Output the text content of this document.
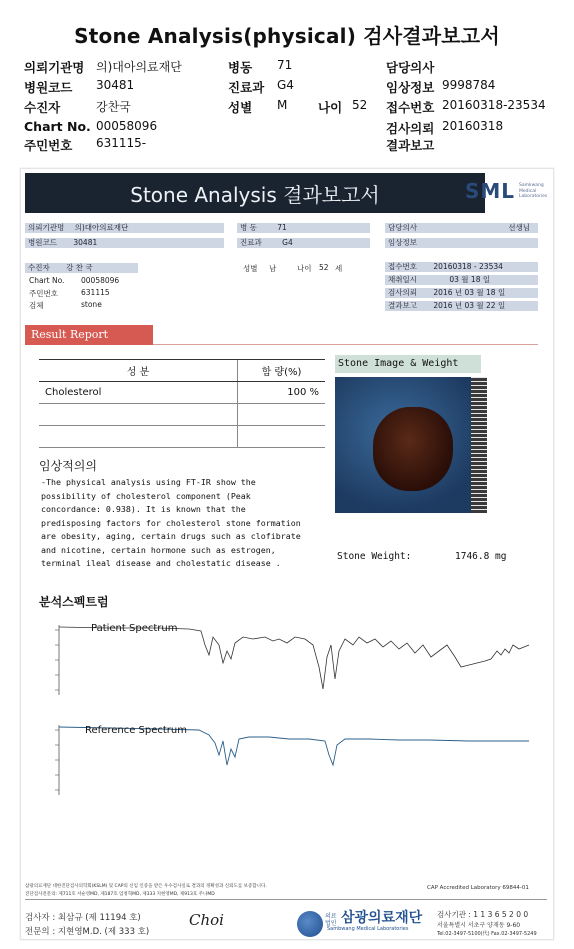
Stone Analysis(physical) 검사결과보고서
의뢰기관명 의)대아의료재단	병동 71	담당의사
병원코드 30481	진료과 G4	임상정보 9998784
수진자	강찬국	성별 M 나이 52 접수번호 20160318-23534
Chart No. 00058096	검사의뢰 20160318
주민번호 631115-	결과보고
Stone Analysis 결과보고서	SML Samkwang Medical Laboratories
의뢰기관명 의)대아의료재단
병원코드 30481
병 동	71
진료과	G4
담당의사	선생님
임상정보
수진자 강 찬 국
Chart No. 00058096
주민번호	631115
검체	stone
성별 남	나이 52 세	접수번호 20160318 - 23534
채취일시	03 월 18 일
검사의뢰 2016 년 03 월 18 일
결과보고 2016 년 03 월 22 일
Result Report
성 분	함 량(%)
Cholesterol	100 %

Stone Image & Weight
Stone Weight:	1746.8 mg
임상적의의
-The physical analysis using FT-IR show the
possibility of cholesterol component (Peak
concordance: 0.938). It is known that the
predisposing factors for cholesterol stone formation
are obesity, aging, certain drugs such as clofibrate
and nicotine, certain hormone such as estrogen,
terminal ileal disease and cholestatic disease .
분석스펙트럼
Patient Spectrum
Reference Spectrum
삼광의료재단 대한진단검사의학회(KSLM) 및 CAP의 신임 인증을 받은 우수검사실로 결과의 정확성과 신뢰도를 보증합니다.
진단검사전문의: 제711호 서순영MD, 제187호 엄정혁MD, 제333 지현영MD, 제913호 주나MD
CAP Accredited Laboratory 69844-01
검사자 : 최삼규 (제 11194 호)
전문의 : 지현영M.D. (제 333 호)
Choi	의료법인 삼광의료재단
Sambwang Medical Laboratories
검사기관 : 1 1 3 6 5 2 0 0
서울특별시 서초구 양재동 9-60
Tel.02-3497-5100(代) Fax.02-3497-5249
